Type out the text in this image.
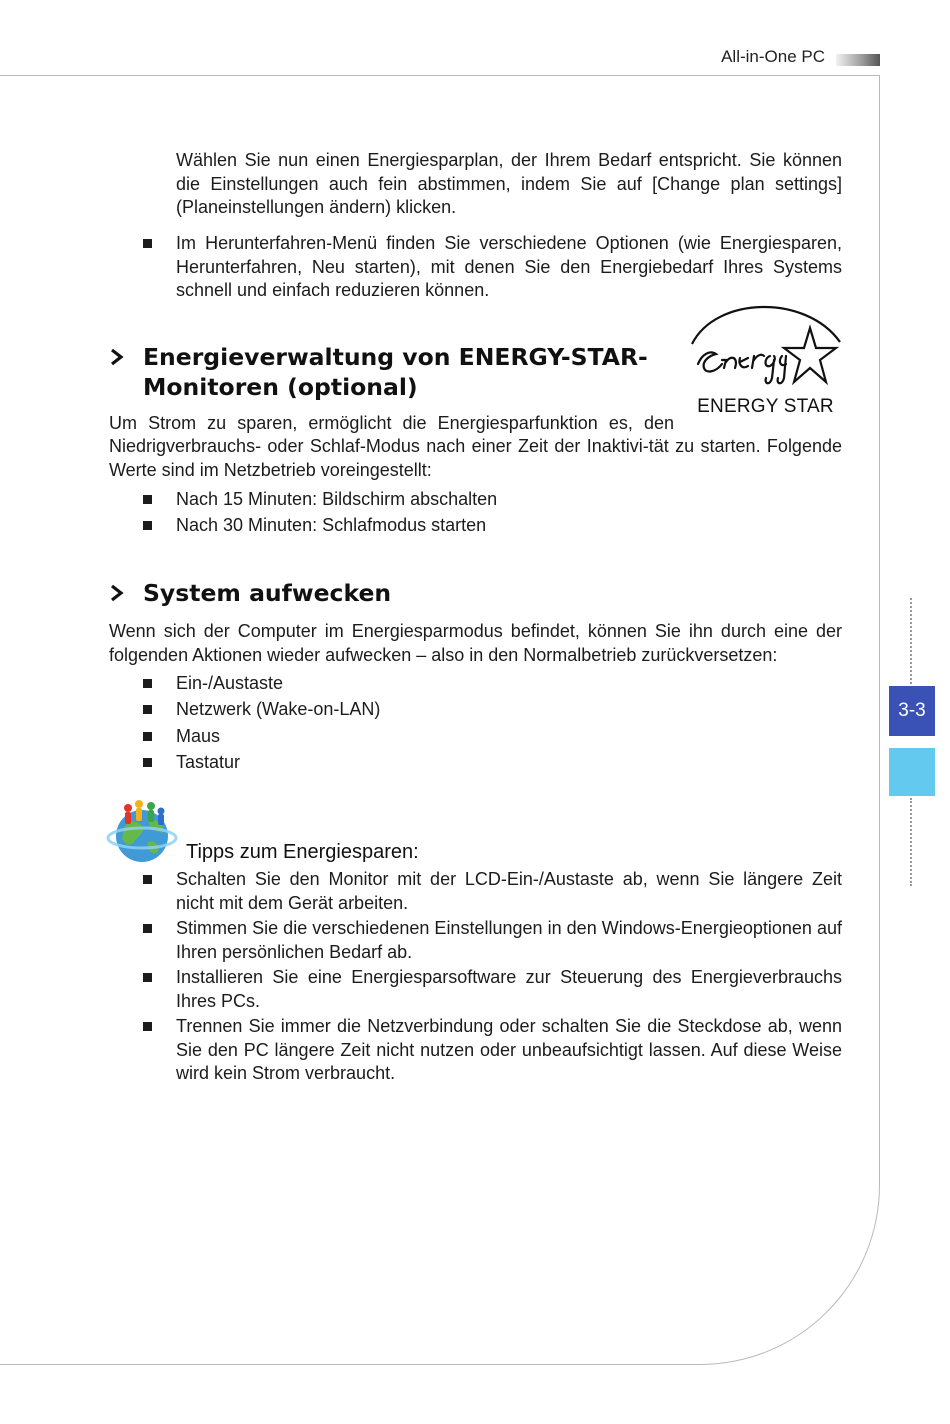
All-in-One PC
3-3
Wählen Sie nun einen Energiesparplan, der Ihrem Bedarf entspricht. Sie können die Einstellungen auch fein abstimmen, indem Sie auf [Change plan settings] (Planeinstellungen ändern) klicken.
Im Herunterfahren-Menü finden Sie verschiedene Optionen (wie Energiesparen, Herunterfahren, Neu starten), mit denen Sie den Energiebedarf Ihres Systems schnell und einfach reduzieren können.
Energieverwaltung von ENERGY-STAR-
Monitoren (optional)
ENERGY STAR
Um Strom zu sparen, ermöglicht die Energiesparfunktion es, den
Niedrigverbrauchs- oder Schlaf-Modus nach einer Zeit der Inaktivi-tät zu starten. Folgende Werte sind im Netzbetrieb voreingestellt:
Nach 15 Minuten: Bildschirm abschalten
Nach 30 Minuten: Schlafmodus starten
System aufwecken
Wenn sich der Computer im Energiesparmodus befindet, können Sie ihn durch eine der folgenden Aktionen wieder aufwecken – also in den Normalbetrieb zurückversetzen:
Ein-/Austaste
Netzwerk (Wake-on-LAN)
Maus
Tastatur
Tipps zum Energiesparen:
Schalten Sie den Monitor mit der LCD-Ein-/Austaste ab, wenn Sie längere Zeit nicht mit dem Gerät arbeiten.
Stimmen Sie die verschiedenen Einstellungen in den Windows-Energieoptionen auf Ihren persönlichen Bedarf ab.
Installieren Sie eine Energiesparsoftware zur Steuerung des Energieverbrauchs Ihres PCs.
Trennen Sie immer die Netzverbindung oder schalten Sie die Steckdose ab, wenn Sie den PC längere Zeit nicht nutzen oder unbeaufsichtigt lassen. Auf diese Weise wird kein Strom verbraucht.
